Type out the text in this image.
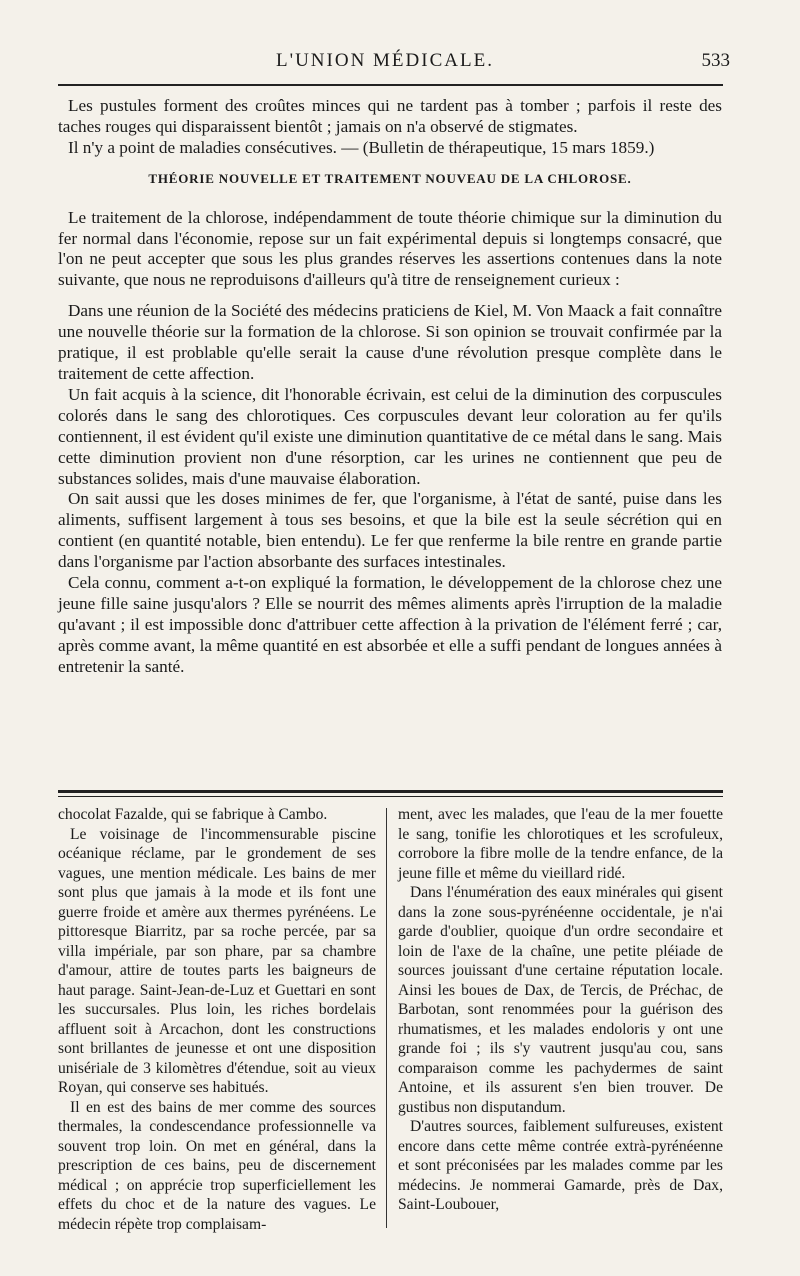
L'UNION MÉDICALE.	533

Les pustules forment des croûtes minces qui ne tardent pas à tomber ; parfois il reste des taches rouges qui disparaissent bientôt ; jamais on n'a observé de stigmates.

Il n'y a point de maladies consécutives. — (Bulletin de thérapeutique, 15 mars 1859.)

THÉORIE NOUVELLE ET TRAITEMENT NOUVEAU DE LA CHLOROSE.

Le traitement de la chlorose, indépendamment de toute théorie chimique sur la diminution du fer normal dans l'économie, repose sur un fait expérimental depuis si longtemps consacré, que l'on ne peut accepter que sous les plus grandes réserves les assertions contenues dans la note suivante, que nous ne reproduisons d'ailleurs qu'à titre de renseignement curieux :

Dans une réunion de la Société des médecins praticiens de Kiel, M. Von Maack a fait connaître une nouvelle théorie sur la formation de la chlorose. Si son opinion se trouvait confirmée par la pratique, il est problable qu'elle serait la cause d'une révolution presque complète dans le traitement de cette affection.

Un fait acquis à la science, dit l'honorable écrivain, est celui de la diminution des corpuscules colorés dans le sang des chlorotiques. Ces corpuscules devant leur coloration au fer qu'ils contiennent, il est évident qu'il existe une diminution quantitative de ce métal dans le sang. Mais cette diminution provient non d'une résorption, car les urines ne contiennent que peu de substances solides, mais d'une mauvaise élaboration.

On sait aussi que les doses minimes de fer, que l'organisme, à l'état de santé, puise dans les aliments, suffisent largement à tous ses besoins, et que la bile est la seule sécrétion qui en contient (en quantité notable, bien entendu). Le fer que renferme la bile rentre en grande partie dans l'organisme par l'action absorbante des surfaces intestinales.

Cela connu, comment a-t-on expliqué la formation, le développement de la chlorose chez une jeune fille saine jusqu'alors ? Elle se nourrit des mêmes aliments après l'irruption de la maladie qu'avant ; il est impossible donc d'attribuer cette affection à la privation de l'élément ferré ; car, après comme avant, la même quantité en est absorbée et elle a suffi pendant de longues années à entretenir la santé.

chocolat Fazalde, qui se fabrique à Cambo.

Le voisinage de l'incommensurable piscine océanique réclame, par le grondement de ses vagues, une mention médicale. Les bains de mer sont plus que jamais à la mode et ils font une guerre froide et amère aux thermes pyrénéens. Le pittoresque Biarritz, par sa roche percée, par sa villa impériale, par son phare, par sa chambre d'amour, attire de toutes parts les baigneurs de haut parage. Saint-Jean-de-Luz et Guettari en sont les succursales. Plus loin, les riches bordelais affluent soit à Arcachon, dont les constructions sont brillantes de jeunesse et ont une disposition unisériale de 3 kilomètres d'étendue, soit au vieux Royan, qui conserve ses habitués.

Il en est des bains de mer comme des sources thermales, la condescendance professionnelle va souvent trop loin. On met en général, dans la prescription de ces bains, peu de discernement médical ; on apprécie trop superficiellement les effets du choc et de la nature des vagues. Le médecin répète trop complaisam-

ment, avec les malades, que l'eau de la mer fouette le sang, tonifie les chlorotiques et les scrofuleux, corrobore la fibre molle de la tendre enfance, de la jeune fille et même du vieillard ridé.

Dans l'énumération des eaux minérales qui gisent dans la zone sous-pyrénéenne occidentale, je n'ai garde d'oublier, quoique d'un ordre secondaire et loin de l'axe de la chaîne, une petite pléiade de sources jouissant d'une certaine réputation locale. Ainsi les boues de Dax, de Tercis, de Préchac, de Barbotan, sont renommées pour la guérison des rhumatismes, et les malades endoloris y ont une grande foi ; ils s'y vautrent jusqu'au cou, sans comparaison comme les pachydermes de saint Antoine, et ils assurent s'en bien trouver. De gustibus non disputandum.

D'autres sources, faiblement sulfureuses, existent encore dans cette même contrée extrà-pyrénéenne et sont préconisées par les malades comme par les médecins. Je nommerai Gamarde, près de Dax, Saint-Loubouer,
